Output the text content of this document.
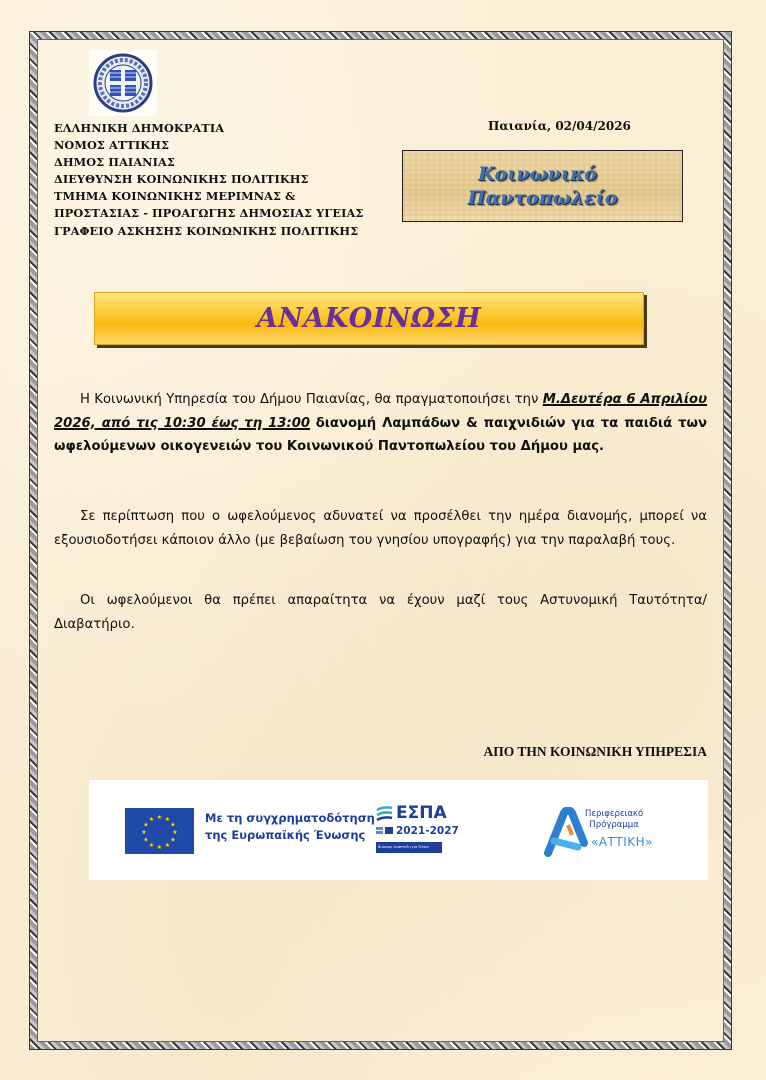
ΕΛΛΗΝΙΚΗ ΔΗΜΟΚΡΑΤΙΑ
ΝΟΜΟΣ ΑΤΤΙΚΗΣ
ΔΗΜΟΣ ΠΑΙΑΝΙΑΣ
ΔΙΕΥΘΥΝΣΗ ΚΟΙΝΩΝΙΚΗΣ ΠΟΛΙΤΙΚΗΣ
ΤΜΗΜΑ ΚΟΙΝΩΝΙΚΗΣ ΜΕΡΙΜΝΑΣ &
ΠΡΟΣΤΑΣΙΑΣ - ΠΡΟΑΓΩΓΗΣ ΔΗΜΟΣΙΑΣ ΥΓΕΙΑΣ
ΓΡΑΦΕΙΟ ΑΣΚΗΣΗΣ ΚΟΙΝΩΝΙΚΗΣ ΠΟΛΙΤΙΚΗΣ
Παιανία, 02/04/2026
Κοινωνικό
Παντοπωλείο
ΑΝΑΚΟΙΝΩΣΗ
Η Κοινωνική Υπηρεσία του Δήμου Παιανίας, θα πραγματοποιήσει την Μ.Δευτέρα 6 Απριλίου 2026, από τις 10:30 έως τη 13:00 διανομή Λαμπάδων & παιχνιδιών για τα παιδιά των ωφελούμενων οικογενειών του Κοινωνικού Παντοπωλείου του Δήμου μας.
Σε περίπτωση που ο ωφελούμενος αδυνατεί να προσέλθει την ημέρα διανομής, μπορεί να εξουσιοδοτήσει κάποιον άλλο (με βεβαίωση του γνησίου υπογραφής) για την παραλαβή τους.
Οι ωφελούμενοι θα πρέπει απαραίτητα να έχουν μαζί τους Αστυνομική Ταυτότητα/Διαβατήριο.
ΑΠΟ ΤΗΝ ΚΟΙΝΩΝΙΚΗ ΥΠΗΡΕΣΙΑ
★ ★
★
★
★
★
★
★
★
★
★
★	Με τη συγχρηματοδότηση
της Ευρωπαϊκής Ένωσης
ΕΣΠΑ
2021-2027
Βιώσιμη Ανάπτυξη για Όλους
Περιφερειακό
Πρόγραμμα
«ΑΤΤΙΚΗ»
